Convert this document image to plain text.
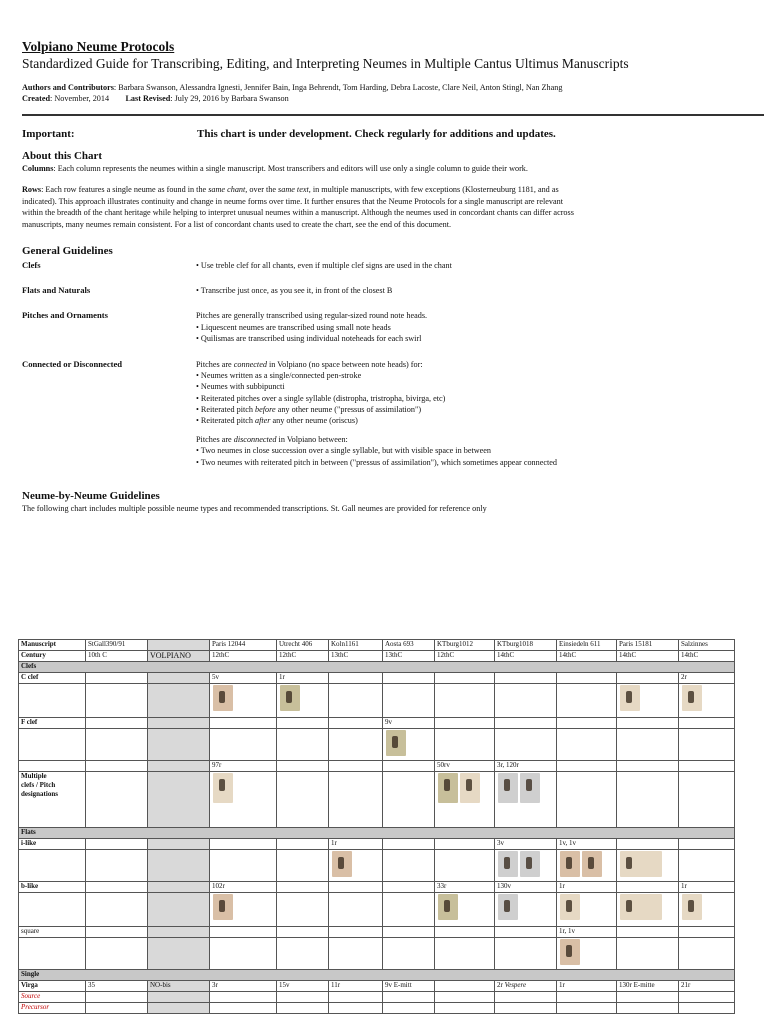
Volpiano Neume Protocols

Standardized Guide for Transcribing, Editing, and Interpreting Neumes in Multiple Cantus Ultimus Manuscripts

Authors and Contributors: Barbara Swanson, Alessandra Ignesti, Jennifer Bain, Inga Behrendt, Tom Harding, Debra Lacoste, Clare Neil, Anton Stingl, Nan Zhang
Created: November, 2014 Last Revised: July 29, 2016 by Barbara Swanson
Important:	This chart is under development. Check regularly for additions and updates.
About this Chart

Columns: Each column represents the neumes within a single manuscript. Most transcribers and editors will use only a single column to guide their work.

Rows: Each row features a single neume as found in the same chant, over the same text, in multiple manuscripts, with few exceptions (Klosterneuburg 1181, and as
indicated). This approach illustrates continuity and change in neume forms over time. It further ensures that the Neume Protocols for a single manuscript are relevant
within the breadth of the chant heritage while helping to interpret unusual neumes within a manuscript. Although the neumes used in concordant chants can differ across
manuscripts, many neumes remain consistent. For a list of concordant chants used to create the chart, see the end of this document.

General Guidelines
Clefs	• Use treble clef for all chants, even if multiple clef signs are used in the chant
Flats and Naturals	• Transcribe just once, as you see it, in front of the closest B
Pitches and Ornaments	Pitches are generally transcribed using regular-sized round note heads.
• Liquescent neumes are transcribed using small note heads
• Quilismas are transcribed using individual noteheads for each swirl
Connected or Disconnected	Pitches are connected in Volpiano (no space between note heads) for:
• Neumes written as a single/connected pen-stroke
• Neumes with subbipuncti
• Reiterated pitches over a single syllable (distropha, tristropha, bivirga, etc)
• Reiterated pitch before any other neume ("pressus of assimilation")
• Reiterated pitch after any other neume (oriscus)
Pitches are disconnected in Volpiano between:
• Two neumes in close succession over a single syllable, but with visible space in between
• Two neumes with reiterated pitch in between ("pressus of assimilation"), which sometimes appear connected
Neume-by-Neume Guidelines

The following chart includes multiple possible neume types and recommended transcriptions. St. Gall neumes are provided for reference only

Manuscript	StGall390/91		Paris 12044	Utrecht 406	Koln1161	Aosta 693	KTburg1012	KTburg1018	Einsiedeln 611	Paris 15181	Salzinnes
Century	10th C	VOLPIANO	12thC	12thC	13thC	13thC	12thC	14thC	14thC	14thC	14thC
Clefs											
C clef			5v	1r							2r

F clef						9v					

			97r				50rv	3r, 120r			

Multiple
clefs / Pitch
designations											

Flats											
i-like					1r			3v	1v, 1v		

b-like			102r				33r	130v	1r		1r

square									1r, 1v		

Single											
Virga	35	NO-bis	3r	15v	11r	9v E-mitt		2r Vespere	1r	130r E-mitte	21r
Source											
Precursor											
